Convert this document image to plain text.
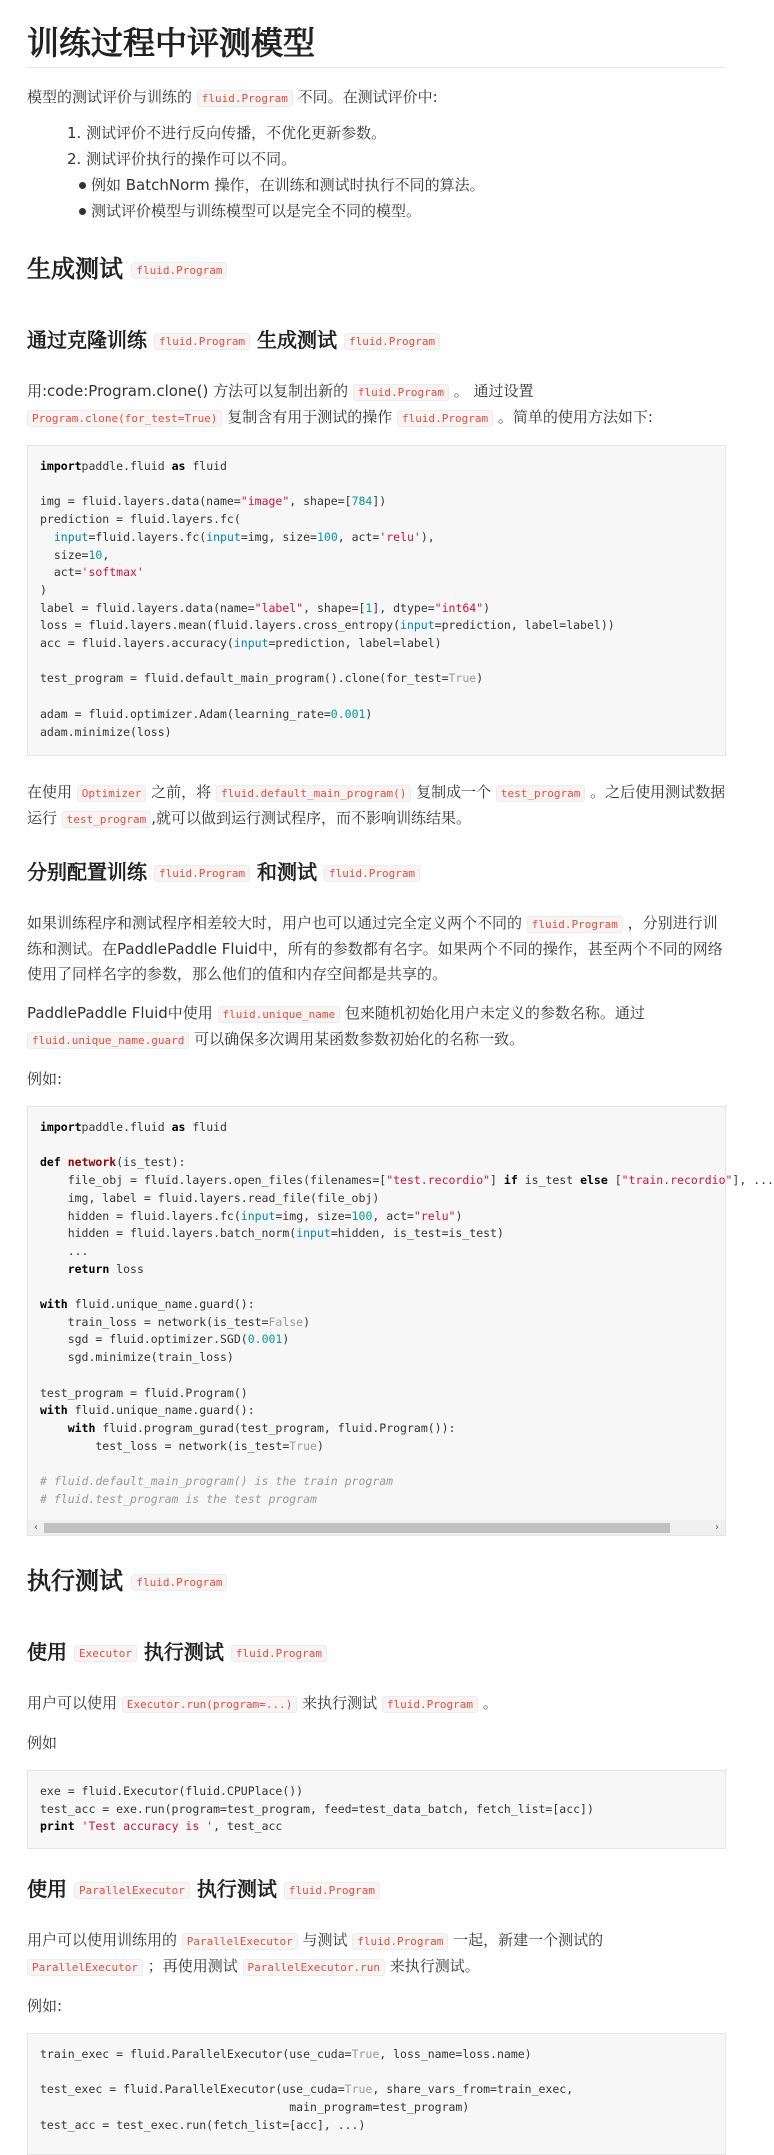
训练过程中评测模型

模型的测试评价与训练的 fluid.Program 不同。在测试评价中:

1. 测试评价不进行反向传播，不优化更新参数。
2. 测试评价执行的操作可以不同。
例如 BatchNorm 操作，在训练和测试时执行不同的算法。
测试评价模型与训练模型可以是完全不同的模型。
生成测试 fluid.Program
通过克隆训练 fluid.Program 生成测试 fluid.Program

用:code:Program.clone() 方法可以复制出新的 fluid.Program 。 通过设置
Program.clone(for_test=True) 复制含有用于测试的操作 fluid.Program 。简单的使用方法如下:

importpaddle.fluid as fluid

img = fluid.layers.data(name="image", shape=[784])
prediction = fluid.layers.fc(
input=fluid.layers.fc(input=img, size=100, act='relu'),
size=10,
act='softmax'
)
label = fluid.layers.data(name="label", shape=[1], dtype="int64")
loss = fluid.layers.mean(fluid.layers.cross_entropy(input=prediction, label=label))
acc = fluid.layers.accuracy(input=prediction, label=label)

test_program = fluid.default_main_program().clone(for_test=True)

adam = fluid.optimizer.Adam(learning_rate=0.001)
adam.minimize(loss)

在使用 Optimizer 之前，将 fluid.default_main_program() 复制成一个 test_program 。之后使用测试数据运行 test_program ,就可以做到运行测试程序，而不影响训练结果。

分别配置训练 fluid.Program 和测试 fluid.Program

如果训练程序和测试程序相差较大时，用户也可以通过完全定义两个不同的 fluid.Program ，分别进行训练和测试。在PaddlePaddle Fluid中，所有的参数都有名字。如果两个不同的操作，甚至两个不同的网络使用了同样名字的参数，那么他们的值和内存空间都是共享的。

PaddlePaddle Fluid中使用 fluid.unique_name 包来随机初始化用户未定义的参数名称。通过 fluid.unique_name.guard 可以确保多次调用某函数参数初始化的名称一致。

例如:

importpaddle.fluid as fluid

def network(is_test):
file_obj = fluid.layers.open_files(filenames=["test.recordio"] if is_test else ["train.recordio"], ...
img, label = fluid.layers.read_file(file_obj)
hidden = fluid.layers.fc(input=img, size=100, act="relu")
hidden = fluid.layers.batch_norm(input=hidden, is_test=is_test)
...
return loss

with fluid.unique_name.guard():
train_loss = network(is_test=False)
sgd = fluid.optimizer.SGD(0.001)
sgd.minimize(train_loss)

test_program = fluid.Program()
with fluid.unique_name.guard():
with fluid.program_gurad(test_program, fluid.Program()):
test_loss = network(is_test=True)

# fluid.default_main_program() is the train program
# fluid.test_program is the test program
‹	›
执行测试 fluid.Program
使用 Executor 执行测试 fluid.Program

用户可以使用 Executor.run(program=...) 来执行测试 fluid.Program 。

例如

exe = fluid.Executor(fluid.CPUPlace())
test_acc = exe.run(program=test_program, feed=test_data_batch, fetch_list=[acc])
print 'Test accuracy is ', test_acc
使用 ParallelExecutor 执行测试 fluid.Program

用户可以使用训练用的 ParallelExecutor 与测试 fluid.Program 一起，新建一个测试的
ParallelExecutor ；再使用测试 ParallelExecutor.run 来执行测试。

例如:

train_exec = fluid.ParallelExecutor(use_cuda=True, loss_name=loss.name)

test_exec = fluid.ParallelExecutor(use_cuda=True, share_vars_from=train_exec,
main_program=test_program)
test_acc = test_exec.run(fetch_list=[acc], ...)
